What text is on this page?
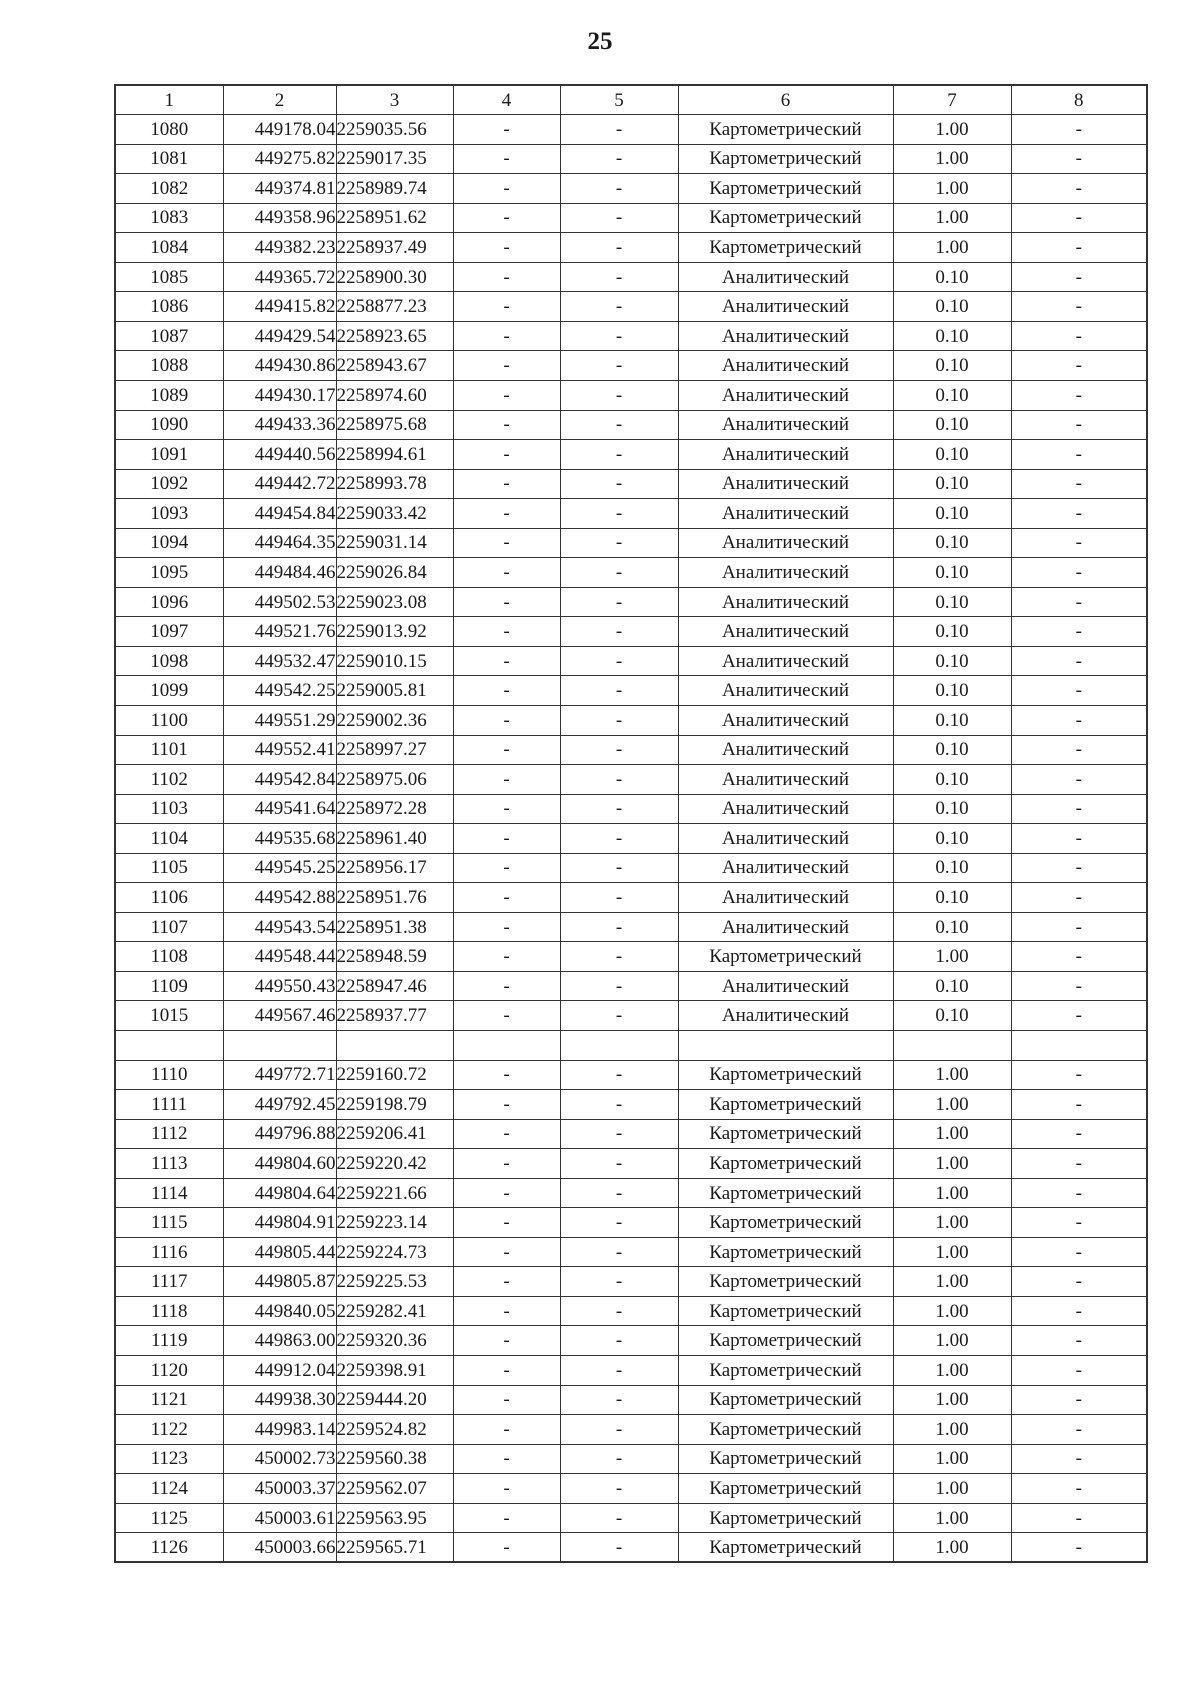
25
1	2	3	4	5	6	7	8
1080	449178.04	2259035.56	-	-	Картометрический	1.00	-
1081	449275.82	2259017.35	-	-	Картометрический	1.00	-
1082	449374.81	2258989.74	-	-	Картометрический	1.00	-
1083	449358.96	2258951.62	-	-	Картометрический	1.00	-
1084	449382.23	2258937.49	-	-	Картометрический	1.00	-
1085	449365.72	2258900.30	-	-	Аналитический	0.10	-
1086	449415.82	2258877.23	-	-	Аналитический	0.10	-
1087	449429.54	2258923.65	-	-	Аналитический	0.10	-
1088	449430.86	2258943.67	-	-	Аналитический	0.10	-
1089	449430.17	2258974.60	-	-	Аналитический	0.10	-
1090	449433.36	2258975.68	-	-	Аналитический	0.10	-
1091	449440.56	2258994.61	-	-	Аналитический	0.10	-
1092	449442.72	2258993.78	-	-	Аналитический	0.10	-
1093	449454.84	2259033.42	-	-	Аналитический	0.10	-
1094	449464.35	2259031.14	-	-	Аналитический	0.10	-
1095	449484.46	2259026.84	-	-	Аналитический	0.10	-
1096	449502.53	2259023.08	-	-	Аналитический	0.10	-
1097	449521.76	2259013.92	-	-	Аналитический	0.10	-
1098	449532.47	2259010.15	-	-	Аналитический	0.10	-
1099	449542.25	2259005.81	-	-	Аналитический	0.10	-
1100	449551.29	2259002.36	-	-	Аналитический	0.10	-
1101	449552.41	2258997.27	-	-	Аналитический	0.10	-
1102	449542.84	2258975.06	-	-	Аналитический	0.10	-
1103	449541.64	2258972.28	-	-	Аналитический	0.10	-
1104	449535.68	2258961.40	-	-	Аналитический	0.10	-
1105	449545.25	2258956.17	-	-	Аналитический	0.10	-
1106	449542.88	2258951.76	-	-	Аналитический	0.10	-
1107	449543.54	2258951.38	-	-	Аналитический	0.10	-
1108	449548.44	2258948.59	-	-	Картометрический	1.00	-
1109	449550.43	2258947.46	-	-	Аналитический	0.10	-
1015	449567.46	2258937.77	-	-	Аналитический	0.10	-

1110	449772.71	2259160.72	-	-	Картометрический	1.00	-
1111	449792.45	2259198.79	-	-	Картометрический	1.00	-
1112	449796.88	2259206.41	-	-	Картометрический	1.00	-
1113	449804.60	2259220.42	-	-	Картометрический	1.00	-
1114	449804.64	2259221.66	-	-	Картометрический	1.00	-
1115	449804.91	2259223.14	-	-	Картометрический	1.00	-
1116	449805.44	2259224.73	-	-	Картометрический	1.00	-
1117	449805.87	2259225.53	-	-	Картометрический	1.00	-
1118	449840.05	2259282.41	-	-	Картометрический	1.00	-
1119	449863.00	2259320.36	-	-	Картометрический	1.00	-
1120	449912.04	2259398.91	-	-	Картометрический	1.00	-
1121	449938.30	2259444.20	-	-	Картометрический	1.00	-
1122	449983.14	2259524.82	-	-	Картометрический	1.00	-
1123	450002.73	2259560.38	-	-	Картометрический	1.00	-
1124	450003.37	2259562.07	-	-	Картометрический	1.00	-
1125	450003.61	2259563.95	-	-	Картометрический	1.00	-
1126	450003.66	2259565.71	-	-	Картометрический	1.00	-
